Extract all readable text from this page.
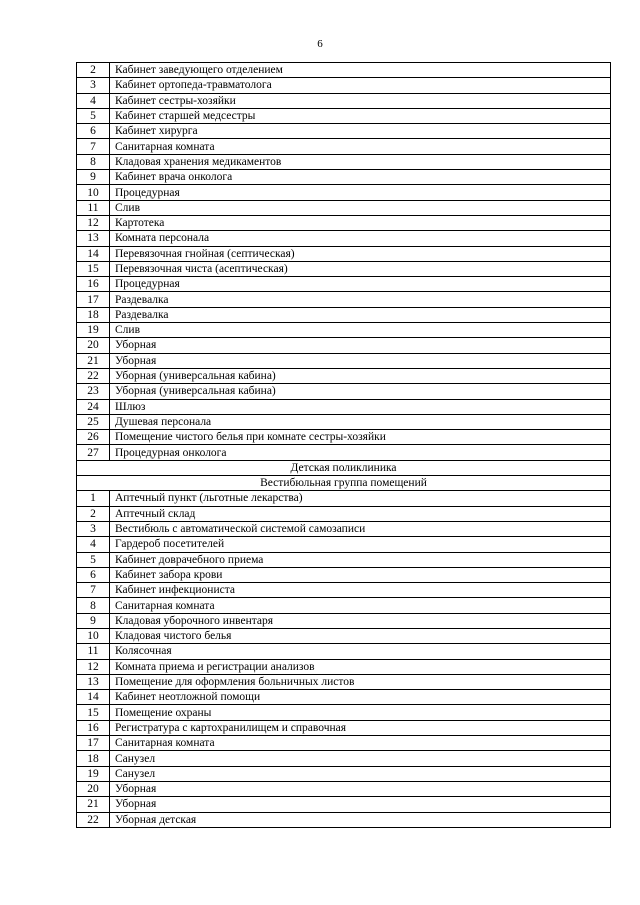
6
2	Кабинет заведующего отделением
3	Кабинет ортопеда-травматолога
4	Кабинет сестры-хозяйки
5	Кабинет старшей медсестры
6	Кабинет хирурга
7	Санитарная комната
8	Кладовая хранения медикаментов
9	Кабинет врача онколога
10	Процедурная
11	Слив
12	Картотека
13	Комната персонала
14	Перевязочная гнойная (септическая)
15	Перевязочная чиста (асептическая)
16	Процедурная
17	Раздевалка
18	Раздевалка
19	Слив
20	Уборная
21	Уборная
22	Уборная (универсальная кабина)
23	Уборная (универсальная кабина)
24	Шлюз
25	Душевая персонала
26	Помещение чистого белья при комнате сестры-хозяйки
27	Процедурная онколога
Детская поликлиника	
Вестибюльная группа помещений	
1	Аптечный пункт (льготные лекарства)
2	Аптечный склад
3	Вестибюль с автоматической системой самозаписи
4	Гардероб посетителей
5	Кабинет доврачебного приема
6	Кабинет забора крови
7	Кабинет инфекциониста
8	Санитарная комната
9	Кладовая уборочного инвентаря
10	Кладовая чистого белья
11	Колясочная
12	Комната приема и регистрации анализов
13	Помещение для оформления больничных листов
14	Кабинет неотложной помощи
15	Помещение охраны
16	Регистратура с картохранилищем и справочная
17	Санитарная комната
18	Санузел
19	Санузел
20	Уборная
21	Уборная
22	Уборная детская
